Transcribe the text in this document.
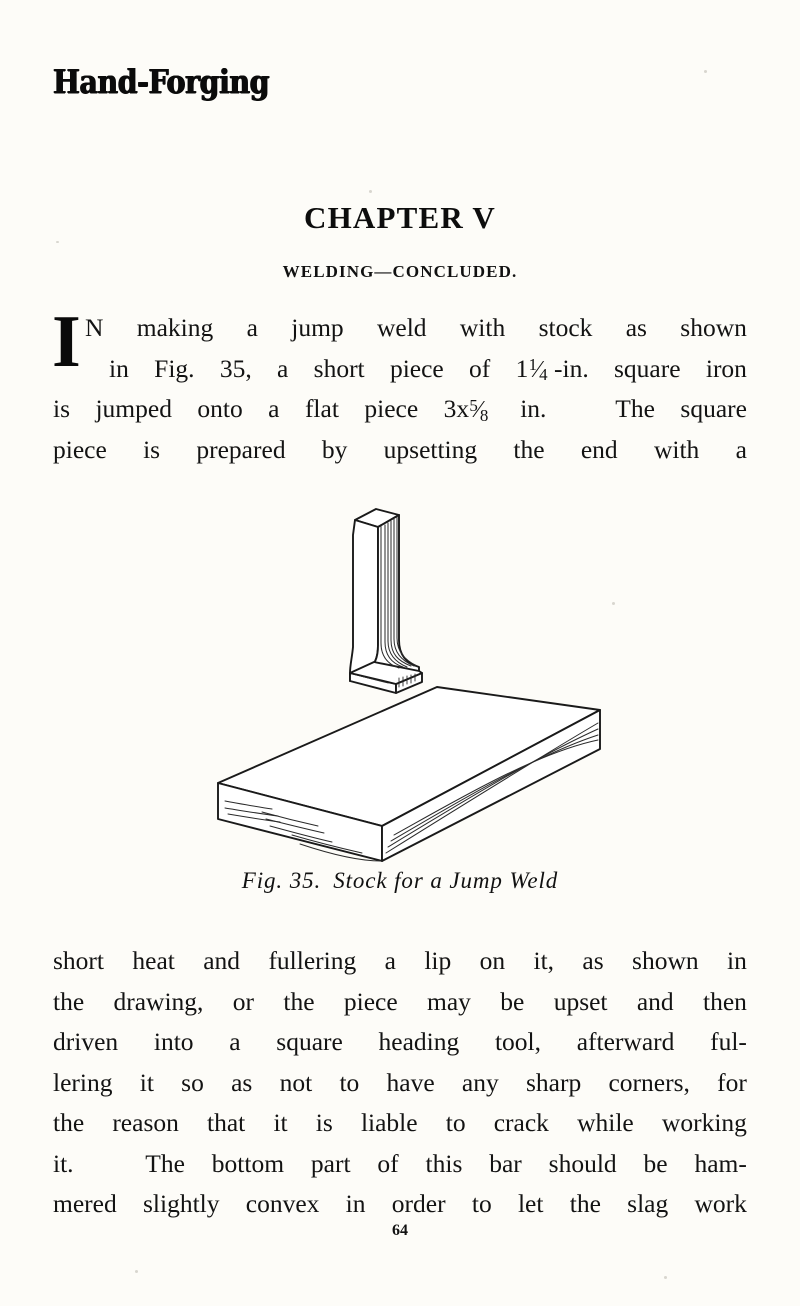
Hand-Forging
CHAPTER V
WELDING—CONCLUDED.
I N making a jump weld with stock as shown
in Fig. 35, a short piece of $1^1⁄4$ -in. square iron
is jumped onto a flat piece $3x^5⁄8$ in.	The square
piece is prepared by upsetting the end with a
Fig. 35. Stock for a Jump Weld
short heat and fullering a lip on it, as shown in
the drawing, or the piece may be upset and then
driven into a square heading tool, afterward ful-
lering it so as not to have any sharp corners, for
the reason that it is liable to crack while working
it.	The bottom part of this bar should be ham-
mered slightly convex in order to let the slag work
64
